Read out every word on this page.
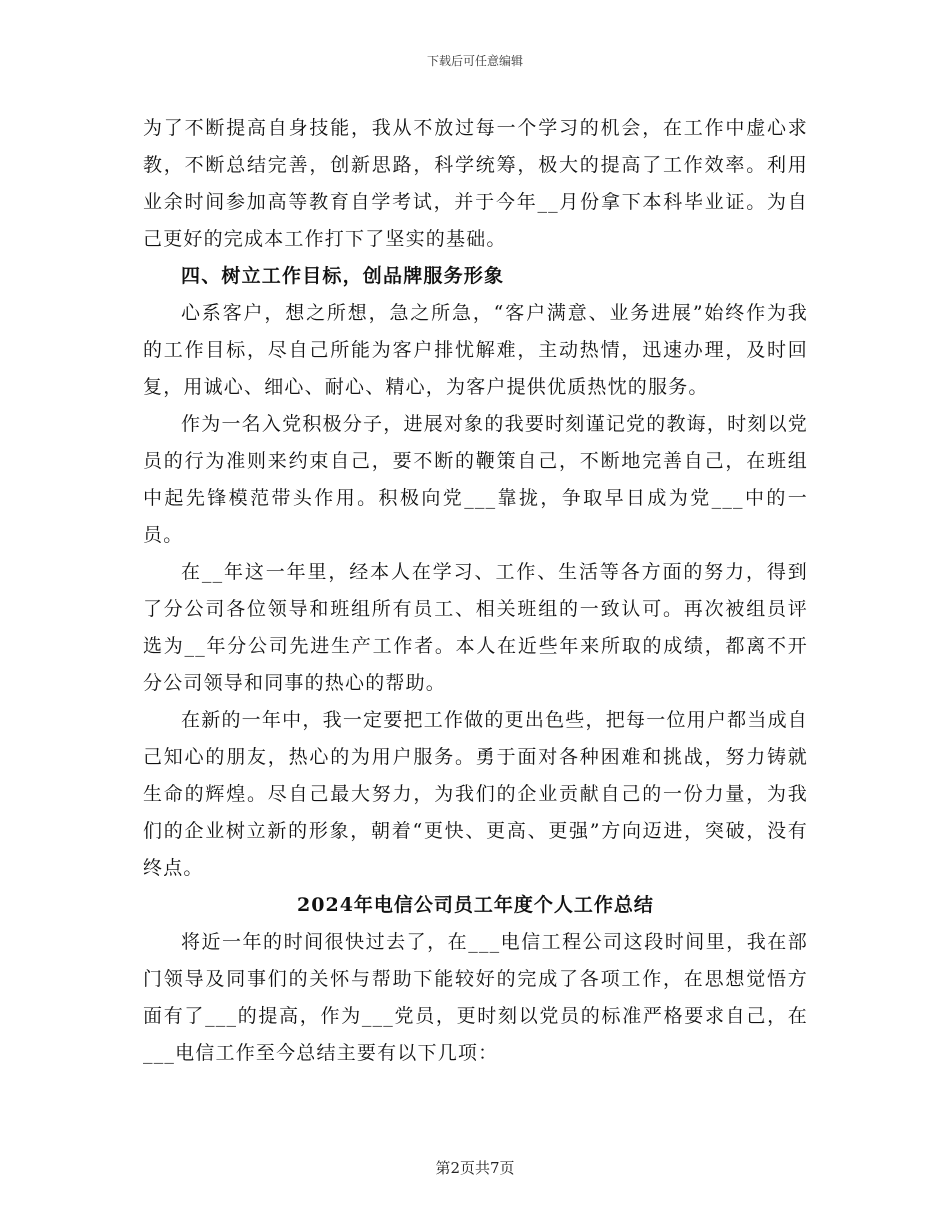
下载后可任意编辑

为了不断提高自身技能，我从不放过每一个学习的机会，在工作中虚心求教，不断总结完善，创新思路，科学统筹，极大的提高了工作效率。利用业余时间参加高等教育自学考试，并于今年__月份拿下本科毕业证。为自己更好的完成本工作打下了坚实的基础。

四、树立工作目标，创品牌服务形象

心系客户，想之所想，急之所急，“客户满意、业务进展”始终作为我的工作目标，尽自己所能为客户排忧解难，主动热情，迅速办理，及时回复，用诚心、细心、耐心、精心，为客户提供优质热忱的服务。

作为一名入党积极分子，进展对象的我要时刻谨记党的教诲，时刻以党员的行为准则来约束自己，要不断的鞭策自己，不断地完善自己，在班组中起先锋模范带头作用。积极向党___靠拢，争取早日成为党___中的一员。

在__年这一年里，经本人在学习、工作、生活等各方面的努力，得到了分公司各位领导和班组所有员工、相关班组的一致认可。再次被组员评选为__年分公司先进生产工作者。本人在近些年来所取的成绩，都离不开分公司领导和同事的热心的帮助。

在新的一年中，我一定要把工作做的更出色些，把每一位用户都当成自己知心的朋友，热心的为用户服务。勇于面对各种困难和挑战，努力铸就生命的辉煌。尽自己最大努力，为我们的企业贡献自己的一份力量，为我们的企业树立新的形象，朝着“更快、更高、更强”方向迈进，突破，没有终点。

2024年电信公司员工年度个人工作总结

将近一年的时间很快过去了，在___电信工程公司这段时间里，我在部门领导及同事们的关怀与帮助下能较好的完成了各项工作，在思想觉悟方面有了___的提高，作为___党员，更时刻以党员的标准严格要求自己，在___电信工作至今总结主要有以下几项：

第2页共7页
